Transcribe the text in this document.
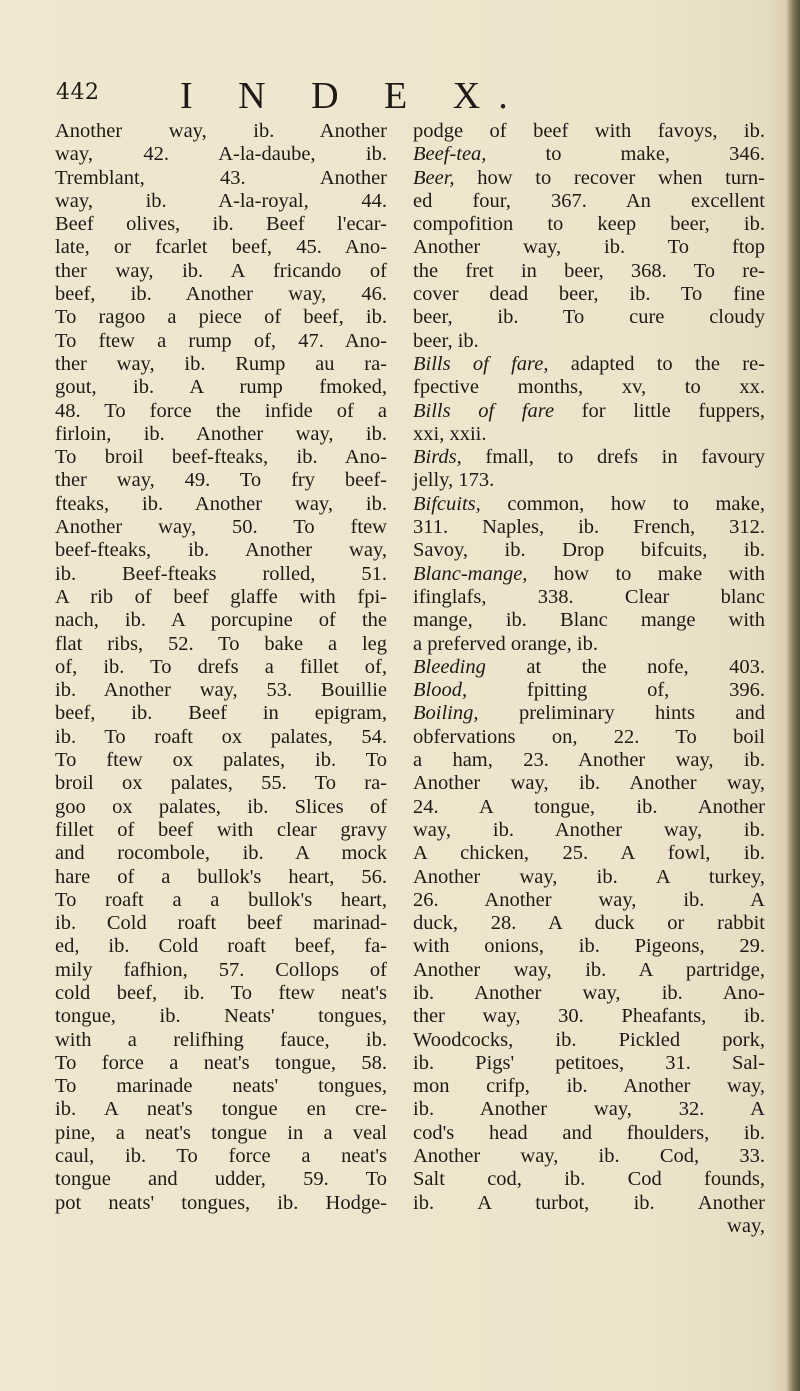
442 I N D E X.
Another way, ib. Another
way, 42. A-la-daube, ib.
Tremblant, 43. Another
way, ib. A-la-royal, 44.
Beef olives, ib. Beef l'ecar-
late, or fcarlet beef, 45. Ano-
ther way, ib. A fricando of
beef, ib. Another way, 46.
To ragoo a piece of beef, ib.
To ftew a rump of, 47. Ano-
ther way, ib. Rump au ra-
gout, ib. A rump fmoked,
48. To force the infide of a
firloin, ib. Another way, ib.
To broil beef-fteaks, ib. Ano-
ther way, 49. To fry beef-
fteaks, ib. Another way, ib.
Another way, 50. To ftew
beef-fteaks, ib. Another way,
ib. Beef-fteaks rolled, 51.
A rib of beef glaffe with fpi-
nach, ib. A porcupine of the
flat ribs, 52. To bake a leg
of, ib. To drefs a fillet of,
ib. Another way, 53. Bouillie
beef, ib. Beef in epigram,
ib. To roaft ox palates, 54.
To ftew ox palates, ib. To
broil ox palates, 55. To ra-
goo ox palates, ib. Slices of
fillet of beef with clear gravy
and rocombole, ib. A mock
hare of a bullok's heart, 56.
To roaft a a bullok's heart,
ib. Cold roaft beef marinad-
ed, ib. Cold roaft beef, fa-
mily fafhion, 57. Collops of
cold beef, ib. To ftew neat's
tongue, ib. Neats' tongues,
with a relifhing fauce, ib.
To force a neat's tongue, 58.
To marinade neats' tongues,
ib. A neat's tongue en cre-
pine, a neat's tongue in a veal
caul, ib. To force a neat's
tongue and udder, 59. To
pot neats' tongues, ib. Hodge-
podge of beef with favoys, ib.
Beef-tea, to make, 346.
Beer, how to recover when turn-
ed four, 367. An excellent
compofition to keep beer, ib.
Another way, ib. To ftop
the fret in beer, 368. To re-
cover dead beer, ib. To fine
beer, ib. To cure cloudy
beer, ib.
Bills of fare, adapted to the re-
fpective months, xv, to xx.
Bills of fare for little fuppers,
xxi, xxii.
Birds, fmall, to drefs in favoury
jelly, 173.
Bifcuits, common, how to make,
311. Naples, ib. French, 312.
Savoy, ib. Drop bifcuits, ib.
Blanc-mange, how to make with
ifinglafs, 338. Clear blanc
mange, ib. Blanc mange with
a preferved orange, ib.
Bleeding at the nofe, 403.
Blood, fpitting of, 396.
Boiling, preliminary hints and
obfervations on, 22. To boil
a ham, 23. Another way, ib.
Another way, ib. Another way,
24. A tongue, ib. Another
way, ib. Another way, ib.
A chicken, 25. A fowl, ib.
Another way, ib. A turkey,
26. Another way, ib. A
duck, 28. A duck or rabbit
with onions, ib. Pigeons, 29.
Another way, ib. A partridge,
ib. Another way, ib. Ano-
ther way, 30. Pheafants, ib.
Woodcocks, ib. Pickled pork,
ib. Pigs' petitoes, 31. Sal-
mon crifp, ib. Another way,
ib. Another way, 32. A
cod's head and fhoulders, ib.
Another way, ib. Cod, 33.
Salt cod, ib. Cod founds,
ib. A turbot, ib. Another
way,
